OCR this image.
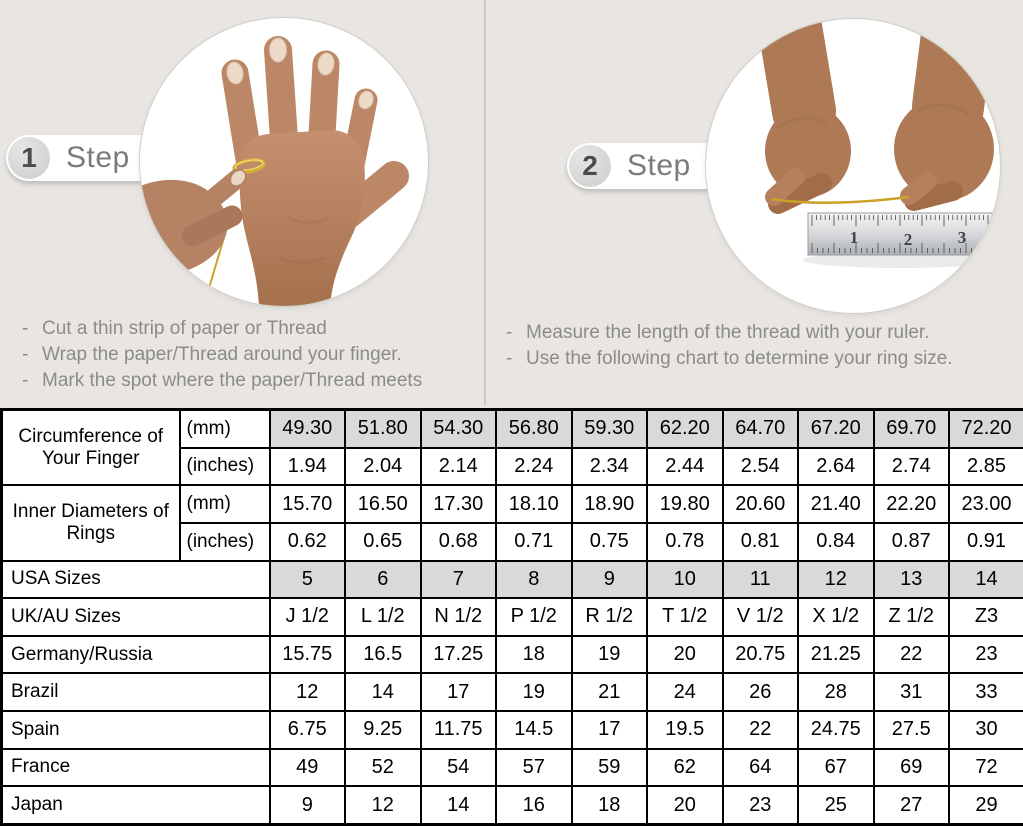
1 Step	2 Step
1	2	3
- Cut a thin strip of paper or Thread
- Wrap the paper/Thread around your finger.
- Mark the spot where the paper/Thread meets
- Measure the length of the thread with your ruler.
- Use the following chart to determine your ring size.
Circumference of Your Finger	(mm)	49.30	51.80	54.30	56.80	59.30	62.20	64.70	67.20	69.70	72.20
	(inches)	1.94	2.04	2.14	2.24	2.34	2.44	2.54	2.64	2.74	2.85
Inner Diameters of Rings	(mm)	15.70	16.50	17.30	18.10	18.90	19.80	20.60	21.40	22.20	23.00
	(inches)	0.62	0.65	0.68	0.71	0.75	0.78	0.81	0.84	0.87	0.91
USA Sizes		5	6	7	8	9	10	11	12	13	14
UK/AU Sizes		J 1/2	L 1/2	N 1/2	P 1/2	R 1/2	T 1/2	V 1/2	X 1/2	Z 1/2	Z3
Germany/Russia		15.75	16.5	17.25	18	19	20	20.75	21.25	22	23
Brazil		12	14	17	19	21	24	26	28	31	33
Spain		6.75	9.25	11.75	14.5	17	19.5	22	24.75	27.5	30
France		49	52	54	57	59	62	64	67	69	72
Japan		9	12	14	16	18	20	23	25	27	29
